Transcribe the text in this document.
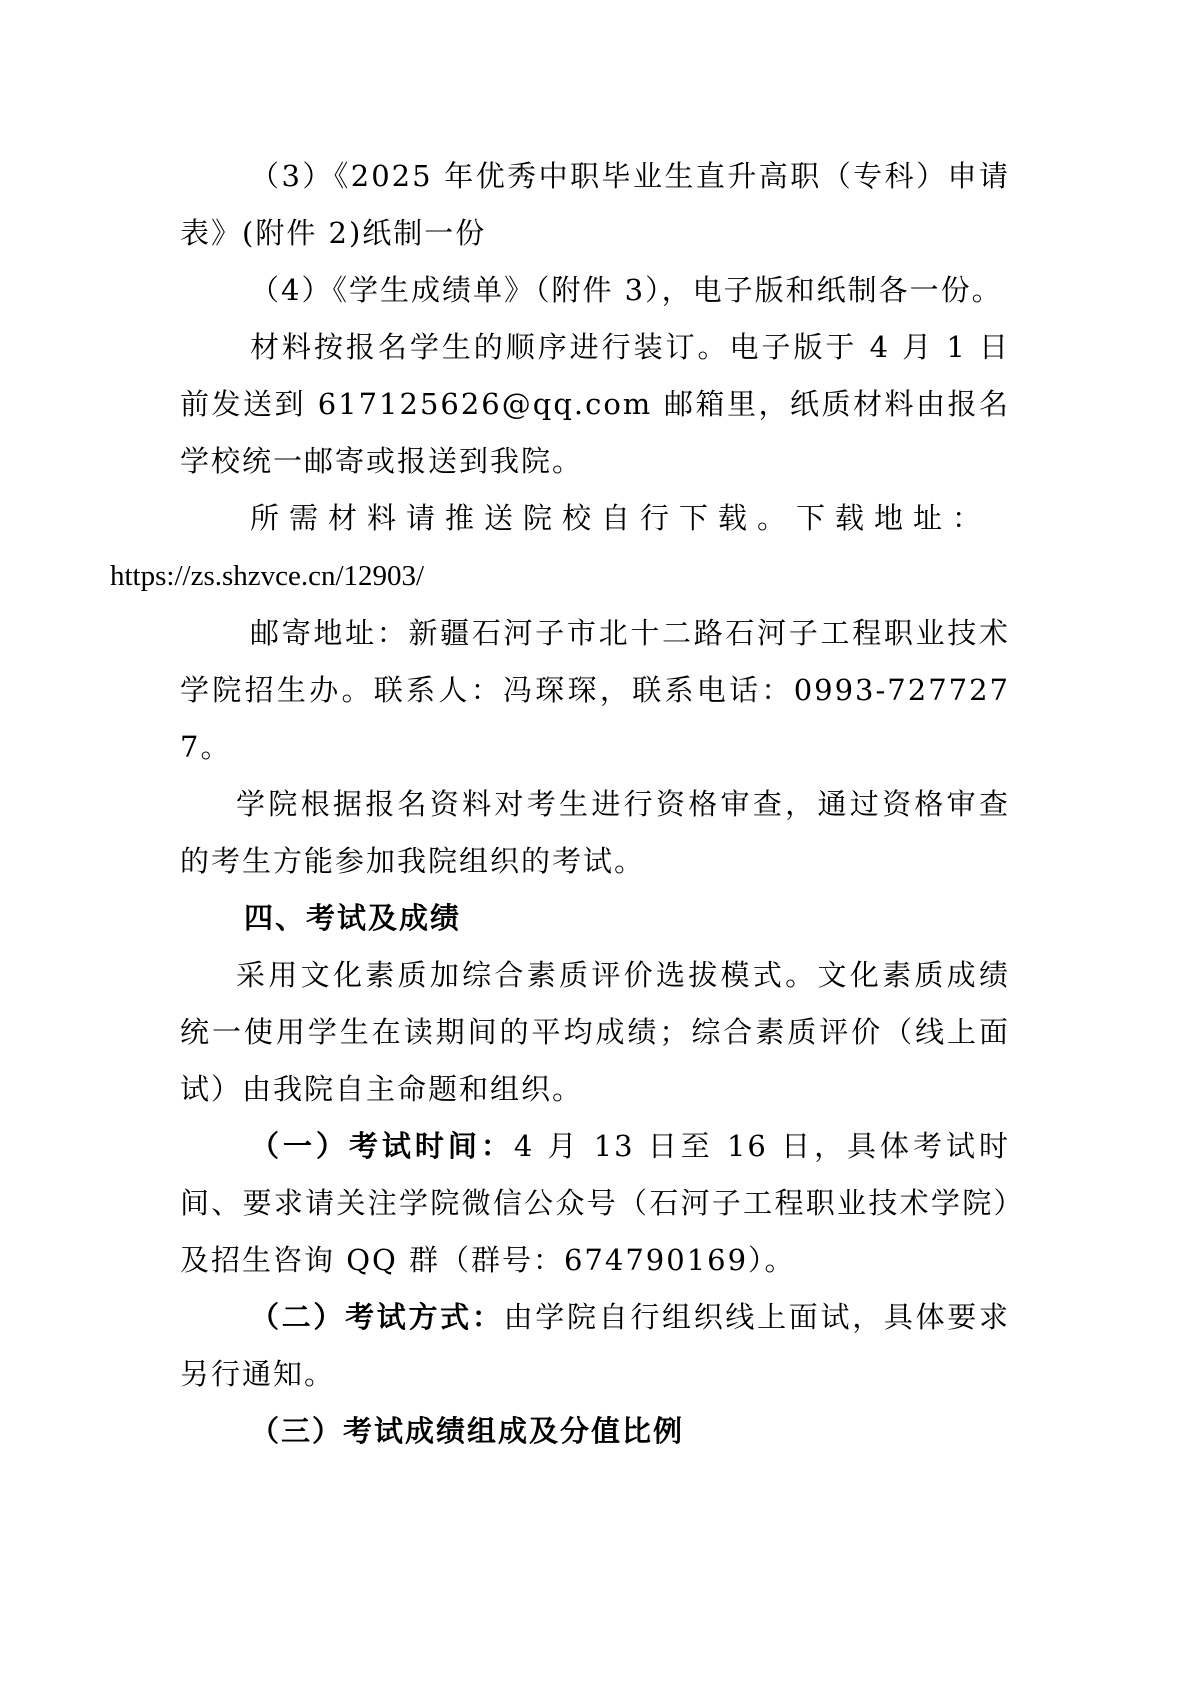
（3）《2025 年优秀中职毕业生直升高职（专科）申请表》(附件 2)纸制一份

（4）《学生成绩单》（附件 3），电子版和纸制各一份。

材料按报名学生的顺序进行装订。电子版于 4 月 1 日前发送到 617125626@qq.com 邮箱里，纸质材料由报名学校统一邮寄或报送到我院。

所需材料请推送院校自行下载。下载地址：
https://zs.shzvce.cn/12903/

邮寄地址：新疆石河子市北十二路石河子工程职业技术学院招生办。联系人：冯琛琛，联系电话：0993-7277277。

学院根据报名资料对考生进行资格审查，通过资格审查的考生方能参加我院组织的考试。

四、考试及成绩

采用文化素质加综合素质评价选拔模式。文化素质成绩统一使用学生在读期间的平均成绩；综合素质评价（线上面试）由我院自主命题和组织。

（一）考试时间：4 月 13 日至 16 日，具体考试时间、要求请关注学院微信公众号（石河子工程职业技术学院）及招生咨询 QQ 群（群号：674790169）。

（二）考试方式：由学院自行组织线上面试，具体要求另行通知。

（三）考试成绩组成及分值比例
